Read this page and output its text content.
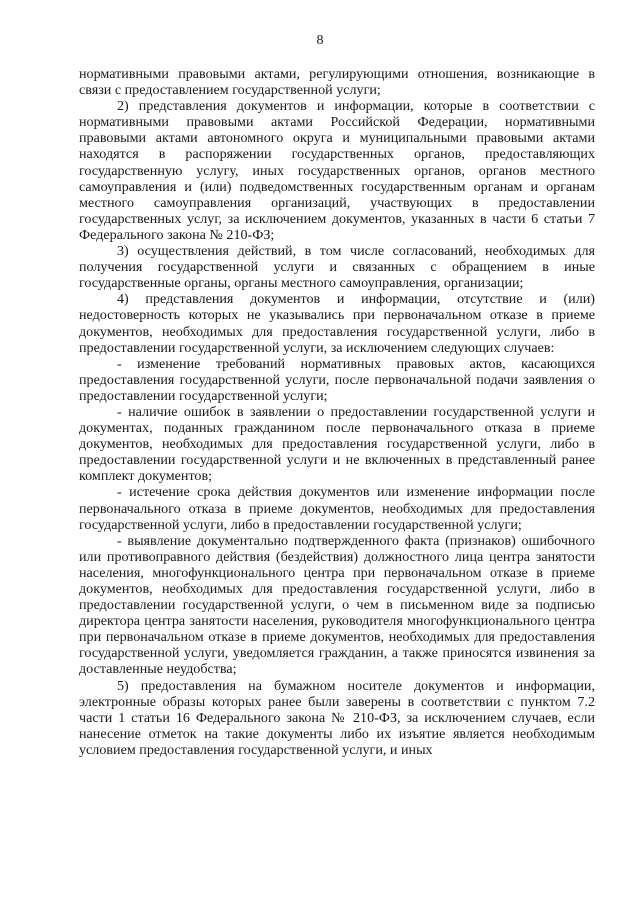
8

нормативными правовыми актами, регулирующими отношения, возникающие в связи с предоставлением государственной услуги;

2) представления документов и информации, которые в соответствии с нормативными правовыми актами Российской Федерации, нормативными правовыми актами автономного округа и муниципальными правовыми актами находятся в распоряжении государственных органов, предоставляющих государственную услугу, иных государственных органов, органов местного самоуправления и (или) подведомственных государственным органам и органам местного самоуправления организаций, участвующих в предоставлении государственных услуг, за исключением документов, указанных в части 6 статьи 7 Федерального закона № 210-ФЗ;

3) осуществления действий, в том числе согласований, необходимых для получения государственной услуги и связанных с обращением в иные государственные органы, органы местного самоуправления, организации;

4) представления документов и информации, отсутствие и (или) недостоверность которых не указывались при первоначальном отказе в приеме документов, необходимых для предоставления государственной услуги, либо в предоставлении государственной услуги, за исключением следующих случаев:

- изменение требований нормативных правовых актов, касающихся предоставления государственной услуги, после первоначальной подачи заявления о предоставлении государственной услуги;

- наличие ошибок в заявлении о предоставлении государственной услуги и документах, поданных гражданином после первоначального отказа в приеме документов, необходимых для предоставления государственной услуги, либо в предоставлении государственной услуги и не включенных в представленный ранее комплект документов;

- истечение срока действия документов или изменение информации после первоначального отказа в приеме документов, необходимых для предоставления государственной услуги, либо в предоставлении государственной услуги;

- выявление документально подтвержденного факта (признаков) ошибочного или противоправного действия (бездействия) должностного лица центра занятости населения, многофункционального центра при первоначальном отказе в приеме документов, необходимых для предоставления государственной услуги, либо в предоставлении государственной услуги, о чем в письменном виде за подписью директора центра занятости населения, руководителя многофункционального центра при первоначальном отказе в приеме документов, необходимых для предоставления государственной услуги, уведомляется гражданин, а также приносятся извинения за доставленные неудобства;

5) предоставления на бумажном носителе документов и информации, электронные образы которых ранее были заверены в соответствии с пунктом 7.2 части 1 статьи 16 Федерального закона № 210-ФЗ, за исключением случаев, если нанесение отметок на такие документы либо их изъятие является необходимым условием предоставления государственной услуги, и иных
